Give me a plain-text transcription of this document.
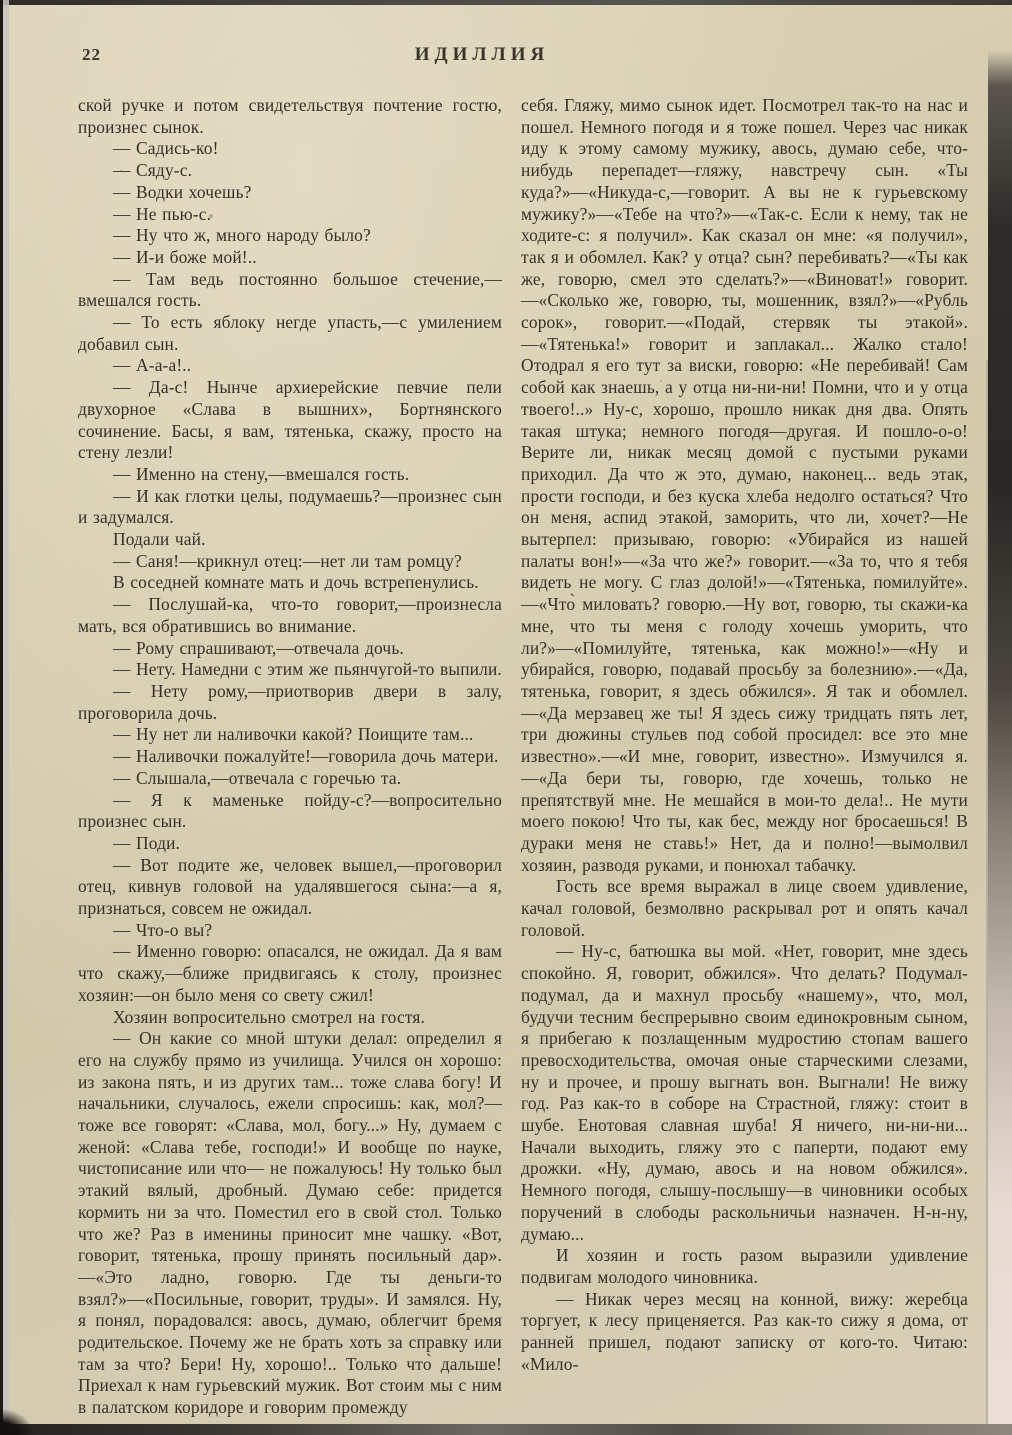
22	ИДИЛЛИЯ

ской ручке и потом свидетельствуя почтение гостю, произнес сынок.

— Садись-ко!

— Сяду-с.

— Водки хочешь?

— Не пью-с.

— Ну что ж, много народу было?

— И-и боже мой!..

— Там ведь постоянно большое стечение,—вмешался гость.

— То есть яблоку негде упасть,—с умилением добавил сын.

— А-а-а!..

— Да-с! Нынче архиерейские певчие пели двухорное «Слава в вышних», Бортнянского сочинение. Басы, я вам, тятенька, скажу, просто на стену лезли!

— Именно на стену,—вмешался гость.

— И как глотки целы, подумаешь?—произнес сын и задумался.

Подали чай.

— Саня!—крикнул отец:—нет ли там ромцу?

В соседней комнате мать и дочь встрепенулись.

— Послушай-ка, что-то говорит,—произнесла мать, вся обратившись во внимание.

— Рому спрашивают,—отвечала дочь.

— Нету. Намедни с этим же пьянчугой-то выпили.

— Нету рому,—приотворив двери в залу, проговорила дочь.

— Ну нет ли наливочки какой? Поищите там...

— Наливочки пожалуйте!—говорила дочь матери.

— Слышала,—отвечала с горечью та.

— Я к маменьке пойду-с?—вопросительно произнес сын.

— Поди.

— Вот подите же, человек вышел,—проговорил отец, кивнув головой на удалявшегося сына:—а я, признаться, совсем не ожидал.

— Что-о вы?

— Именно говорю: опасался, не ожидал. Да я вам что скажу,—ближе придвигаясь к столу, произнес хозяин:—он было меня со свету сжил!

Хозяин вопросительно смотрел на гостя.

— Он какие со мной штуки делал: определил я его на службу прямо из училища. Учился он хорошо: из закона пять, и из других там... тоже слава богу! И начальники, случалось, ежели спросишь: как, мол?—тоже все говорят: «Слава, мол, богу...» Ну, думаем с женой: «Слава тебе, господи!» И вообще по науке, чистописание или что— не пожалуюсь! Ну только был этакий вялый, дробный. Думаю себе: придется кормить ни за что. Поместил его в свой стол. Только что же? Раз в именины приносит мне чашку. «Вот, говорит, тятенька, прошу принять посильный дар».—«Это ладно, говорю. Где ты деньги-то взял?»—«Посильные, говорит, труды». И замялся. Ну, я понял, порадовался: авось, думаю, облегчит бремя родительское. Почему же не брать хоть за справку или там за что? Бери! Ну, хорошо!.. Только что̀ дальше! Приехал к нам гурьевский мужик. Вот стоим мы с ним в палатском коридоре и говорим промежду

себя. Гляжу, мимо сынок идет. Посмотрел так-то на нас и пошел. Немного погодя и я тоже пошел. Через час никак иду к этому самому мужику, авось, думаю себе, что-нибудь перепадет—гляжу, навстречу сын. «Ты куда?»—«Никуда-с,—говорит. А вы не к гурьевскому мужику?»—«Тебе на что?»—«Так-с. Если к нему, так не ходите-с: я получил». Как сказал он мне: «я получил», так я и обомлел. Как? у отца? сын? перебивать?—«Ты как же, говорю, смел это сделать?»—«Виноват!» говорит.—«Сколько же, говорю, ты, мошенник, взял?»—«Рубль сорок», говорит.—«Подай, стервяк ты этакой».—«Тятенька!» говорит и заплакал... Жалко стало! Отодрал я его тут за виски, говорю: «Не перебивай! Сам собой как знаешь, а у отца ни-ни-ни! Помни, что и у отца твоего!..» Ну-с, хорошо, прошло никак дня два. Опять такая штука; немного погодя—другая. И пошло-о-о! Верите ли, никак месяц домой с пустыми руками приходил. Да что ж это, думаю, наконец... ведь этак, прости господи, и без куска хлеба недолго остаться? Что он меня, аспид этакой, заморить, что ли, хочет?—Не вытерпел: призываю, говорю: «Убирайся из нашей палаты вон!»—«За что же?» говорит.—«За то, что я тебя видеть не могу. С глаз долой!»—«Тятенька, помилуйте».—«Что̀ миловать? говорю.—Ну вот, говорю, ты скажи-ка мне, что ты меня с голоду хочешь уморить, что ли?»—«Помилуйте, тятенька, как можно!»—«Ну и убирайся, говорю, подавай просьбу за болезнию».—«Да, тятенька, говорит, я здесь обжился». Я так и обомлел.—«Да мерзавец же ты! Я здесь сижу тридцать пять лет, три дюжины стульев под собой просидел: все это мне известно».—«И мне, говорит, известно». Измучился я.—«Да бери ты, говорю, где хочешь, только не препятствуй мне. Не мешайся в мои-то дела!.. Не мути моего покою! Что ты, как бес, между ног бросаешься! В дураки меня не ставь!» Нет, да и полно!—вымолвил хозяин, разводя руками, и понюхал табачку.

Гость все время выражал в лице своем удивление, качал головой, безмолвно раскрывал рот и опять качал головой.

— Ну-с, батюшка вы мой. «Нет, говорит, мне здесь спокойно. Я, говорит, обжился». Что делать? Подумал-подумал, да и махнул просьбу «нашему», что, мол, будучи тесним беспрерывно своим единокровным сыном, я прибегаю к позлащенным мудростию стопам вашего превосходительства, омочая оные старческими слезами, ну и прочее, и прошу выгнать вон. Выгнали! Не вижу год. Раз как-то в соборе на Страстной, гляжу: стоит в шубе. Енотовая славная шуба! Я ничего, ни-ни-ни... Начали выходить, гляжу это с паперти, подают ему дрожки. «Ну, думаю, авось и на новом обжился». Немного погодя, слышу-послышу—в чиновники особых поручений в слободы раскольничьи назначен. Н-н-ну, думаю...

И хозяин и гость разом выразили удивление подвигам молодого чиновника.

— Никак через месяц на конной, вижу: жеребца торгует, к лесу приценяется. Раз как-то сижу я дома, от ранней пришел, подают записку от кого-то. Читаю: «Мило-
